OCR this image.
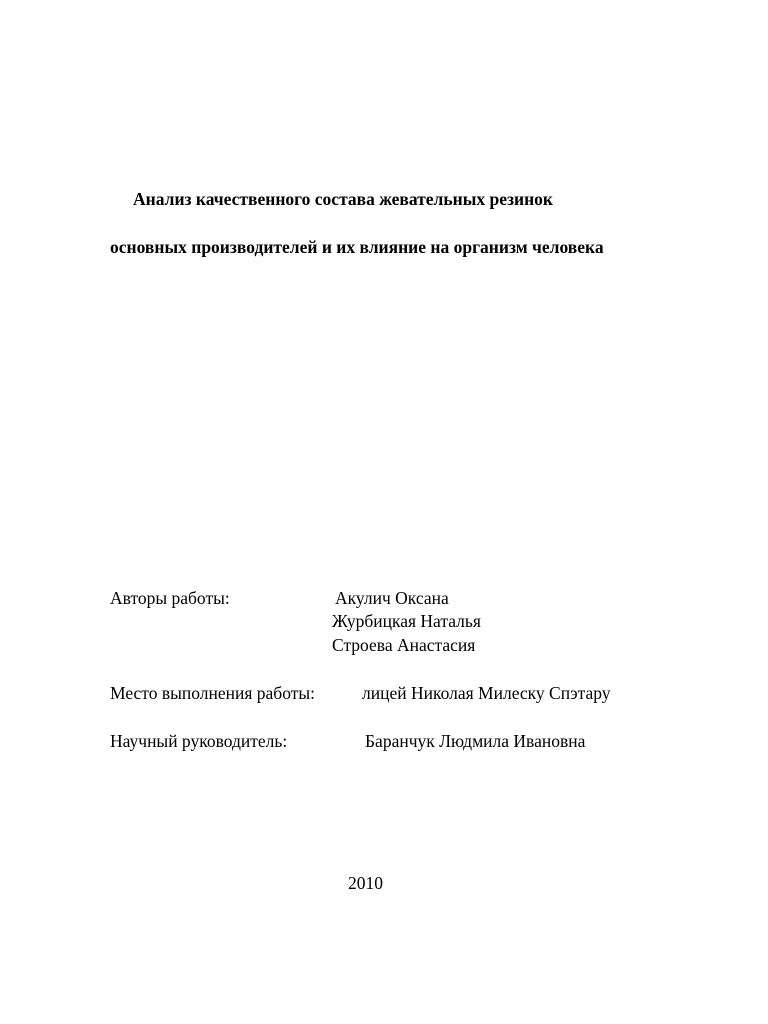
Анализ качественного состава жевательных резинок
основных производителей и их влияние на организм человека
Авторы работы:	Акулич Оксана
Журбицкая Наталья
Строева Анастасия
Место выполнения работы:	лицей Николая Милеску Спэтару
Научный руководитель:	Баранчук Людмила Ивановна
2010
